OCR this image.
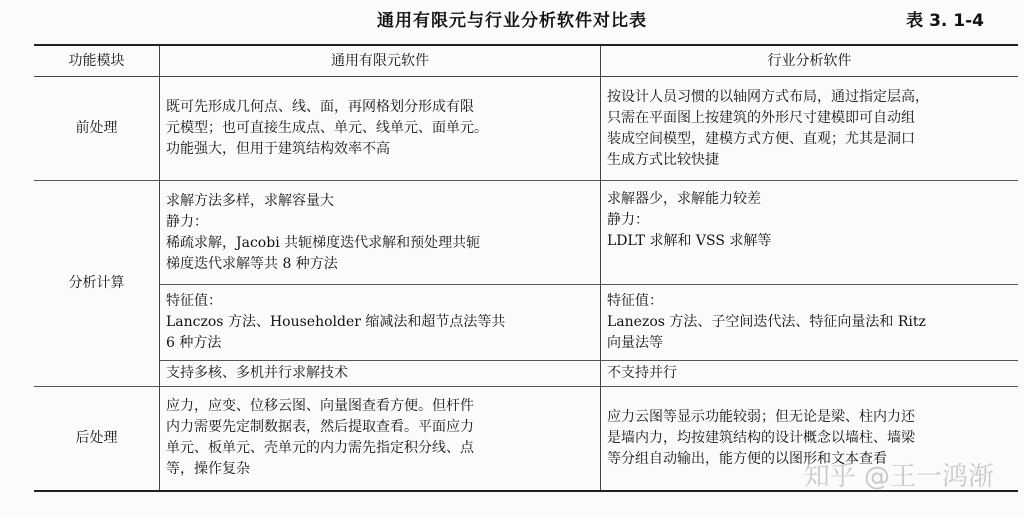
通用有限元与行业分析软件对比表	表 3. 1-4
功能模块	通用有限元软件	行业分析软件
前处理	既可先形成几何点、线、面，再网格划分形成有限
元模型；也可直接生成点、单元、线单元、面单元。
功能强大，但用于建筑结构效率不高	按设计人员习惯的以轴网方式布局，通过指定层高，
只需在平面图上按建筑的外形尺寸建模即可自动组
装成空间模型，建模方式方便、直观；尤其是洞口
生成方式比较快捷

分析计算	求解方法多样，求解容量大
静力：
稀疏求解，Jacobi 共轭梯度迭代求解和预处理共轭
梯度迭代求解等共 8 种方法	求解器少，求解能力较差
静力：
LDLT 求解和 VSS 求解等

	特征值：
Lanczos 方法、Householder 缩减法和超节点法等共
6 种方法	特征值：
Lanezos 方法、子空间迭代法、特征向量法和 Ritz
向量法等

	支持多核、多机并行求解技术	不支持并行
后处理	应力，应变、位移云图、向量图查看方便。但杆件
内力需要先定制数据表，然后提取查看。平面应力
单元、板单元、壳单元的内力需先指定积分线、点
等，操作复杂	应力云图等显示功能较弱；但无论是梁、柱内力还
是墙内力，均按建筑结构的设计概念以墙柱、墙梁
等分组自动输出，能方便的以图形和文本查看
知乎 @王一鸿渐
